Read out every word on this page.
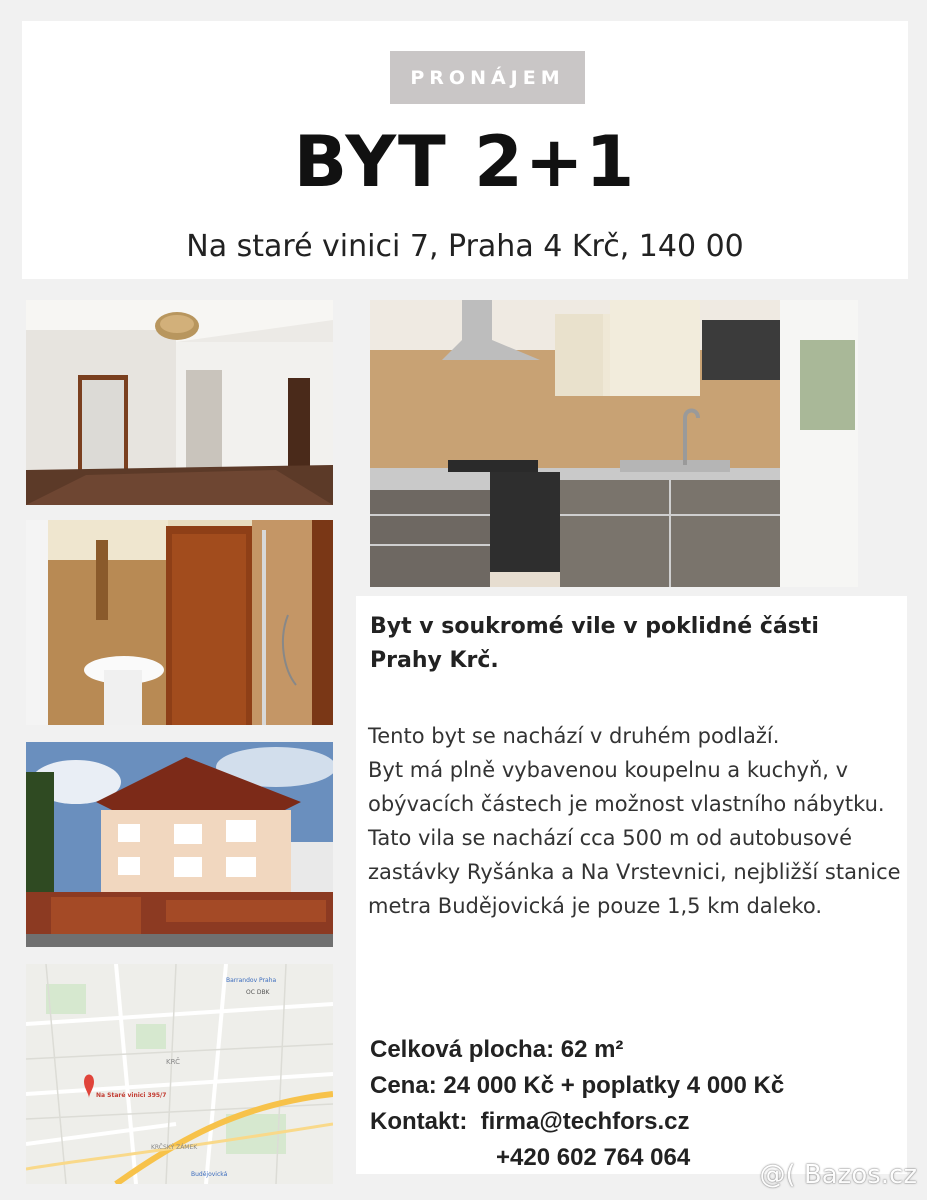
PRONÁJEM
BYT 2+1
Na staré vinici 7, Praha 4 Krč, 140 00
Na Staré vinici 395/7
Barrandov Praha
OC DBK
KRČ
KRČSKÝ ZÁMEK
Budějovická
Byt v soukromé vile v poklidné části Prahy Krč.
Tento byt se nachází v druhém podlaží.
Byt má plně vybavenou koupelnu a kuchyň, v obývacích částech je možnost vlastního nábytku.
Tato vila se nachází cca 500 m od autobusové zastávky Ryšánka a Na Vrstevnici, nejbližší stanice metra Budějovická je pouze 1,5 km daleko.
Celková plocha: 62 m²
Cena: 24 000 Kč + poplatky 4 000 Kč
Kontakt:
firma@techfors.cz
+420 602 764 064
@( Bazos.cz
